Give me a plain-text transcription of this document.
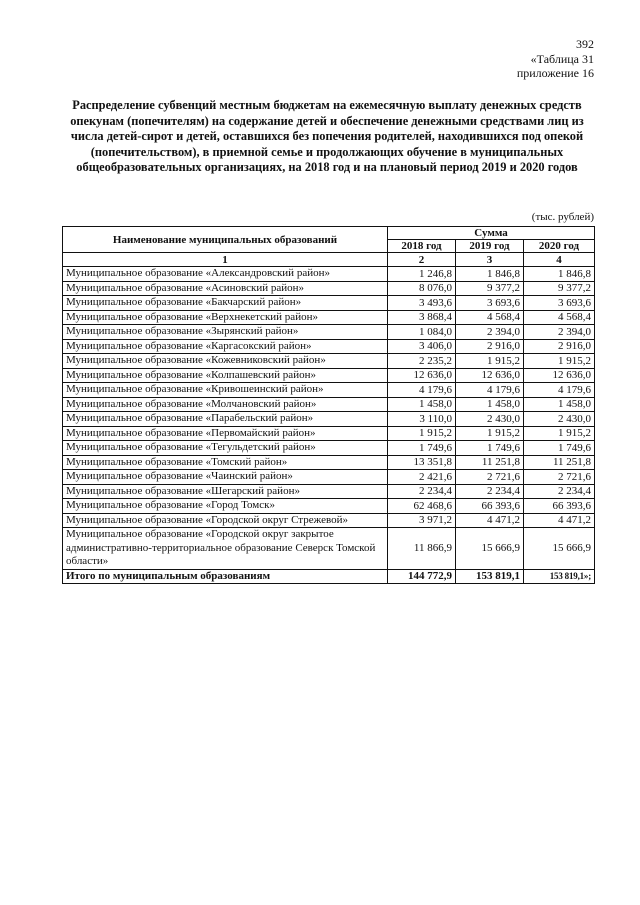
392
«Таблица 31
приложение 16
Распределение субвенций местным бюджетам на ежемесячную выплату денежных средств опекунам (попечителям) на содержание детей и обеспечение денежными средствами лиц из числа детей-сирот и детей, оставшихся без попечения родителей, находившихся под опекой (попечительством), в приемной семье и продолжающих обучение в муниципальных общеобразовательных организациях, на 2018 год и на плановый период 2019 и 2020 годов
(тыс. рублей)
Наименование муниципальных образований	Сумма		
	2018 год	2019 год	2020 год
1	2	3	4
Муниципальное образование «Александровский район»	1 246,8	1 846,8	1 846,8
Муниципальное образование «Асиновский район»	8 076,0	9 377,2	9 377,2
Муниципальное образование «Бакчарский район»	3 493,6	3 693,6	3 693,6
Муниципальное образование «Верхнекетский район»	3 868,4	4 568,4	4 568,4
Муниципальное образование «Зырянский район»	1 084,0	2 394,0	2 394,0
Муниципальное образование «Каргасокский район»	3 406,0	2 916,0	2 916,0
Муниципальное образование «Кожевниковский район»	2 235,2	1 915,2	1 915,2
Муниципальное образование «Колпашевский район»	12 636,0	12 636,0	12 636,0
Муниципальное образование «Кривошеинский район»	4 179,6	4 179,6	4 179,6
Муниципальное образование «Молчановский район»	1 458,0	1 458,0	1 458,0
Муниципальное образование «Парабельский район»	3 110,0	2 430,0	2 430,0
Муниципальное образование «Первомайский район»	1 915,2	1 915,2	1 915,2
Муниципальное образование «Тегульдетский район»	1 749,6	1 749,6	1 749,6
Муниципальное образование «Томский район»	13 351,8	11 251,8	11 251,8
Муниципальное образование «Чаинский район»	2 421,6	2 721,6	2 721,6
Муниципальное образование «Шегарский район»	2 234,4	2 234,4	2 234,4
Муниципальное образование «Город Томск»	62 468,6	66 393,6	66 393,6
Муниципальное образование «Городской округ Стрежевой»	3 971,2	4 471,2	4 471,2
Муниципальное образование «Городской округ закрытое административно-территориальное образование Северск Томской области»	11 866,9	15 666,9	15 666,9
Итого по муниципальным образованиям	144 772,9	153 819,1	153 819,1»;
